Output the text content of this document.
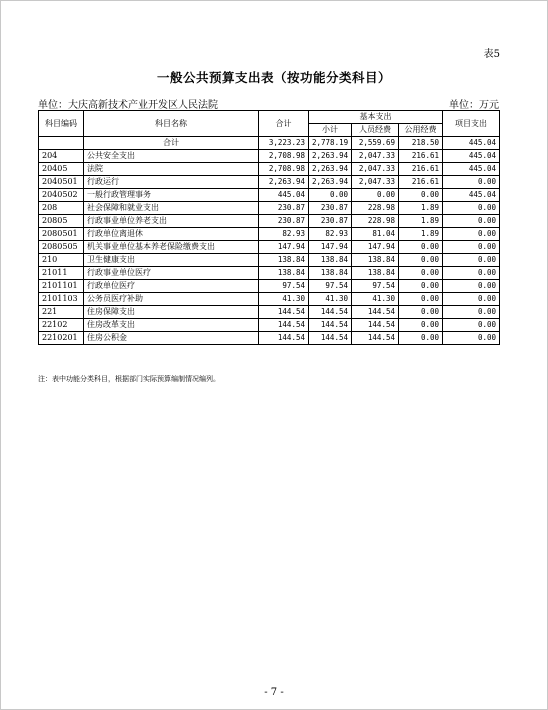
表5
一般公共预算支出表（按功能分类科目）
单位：大庆高新技术产业开发区人民法院	单位：万元
科目编码	科目名称	合计	基本支出			项目支出
			小计	人员经费	公用经费	
	合计	3,223.23	2,778.19	2,559.69	218.50	445.04
204	公共安全支出	2,708.98	2,263.94	2,047.33	216.61	445.04
20405	法院	2,708.98	2,263.94	2,047.33	216.61	445.04
2040501	行政运行	2,263.94	2,263.94	2,047.33	216.61	0.00
2040502	一般行政管理事务	445.04	0.00	0.00	0.00	445.04
208	社会保障和就业支出	230.87	230.87	228.98	1.89	0.00
20805	行政事业单位养老支出	230.87	230.87	228.98	1.89	0.00
2080501	行政单位离退休	82.93	82.93	81.04	1.89	0.00
2080505	机关事业单位基本养老保险缴费支出	147.94	147.94	147.94	0.00	0.00
210	卫生健康支出	138.84	138.84	138.84	0.00	0.00
21011	行政事业单位医疗	138.84	138.84	138.84	0.00	0.00
2101101	行政单位医疗	97.54	97.54	97.54	0.00	0.00
2101103	公务员医疗补助	41.30	41.30	41.30	0.00	0.00
221	住房保障支出	144.54	144.54	144.54	0.00	0.00
22102	住房改革支出	144.54	144.54	144.54	0.00	0.00
2210201	住房公积金	144.54	144.54	144.54	0.00	0.00
注：表中功能分类科目，根据部门实际预算编制情况编列。
- 7 -
